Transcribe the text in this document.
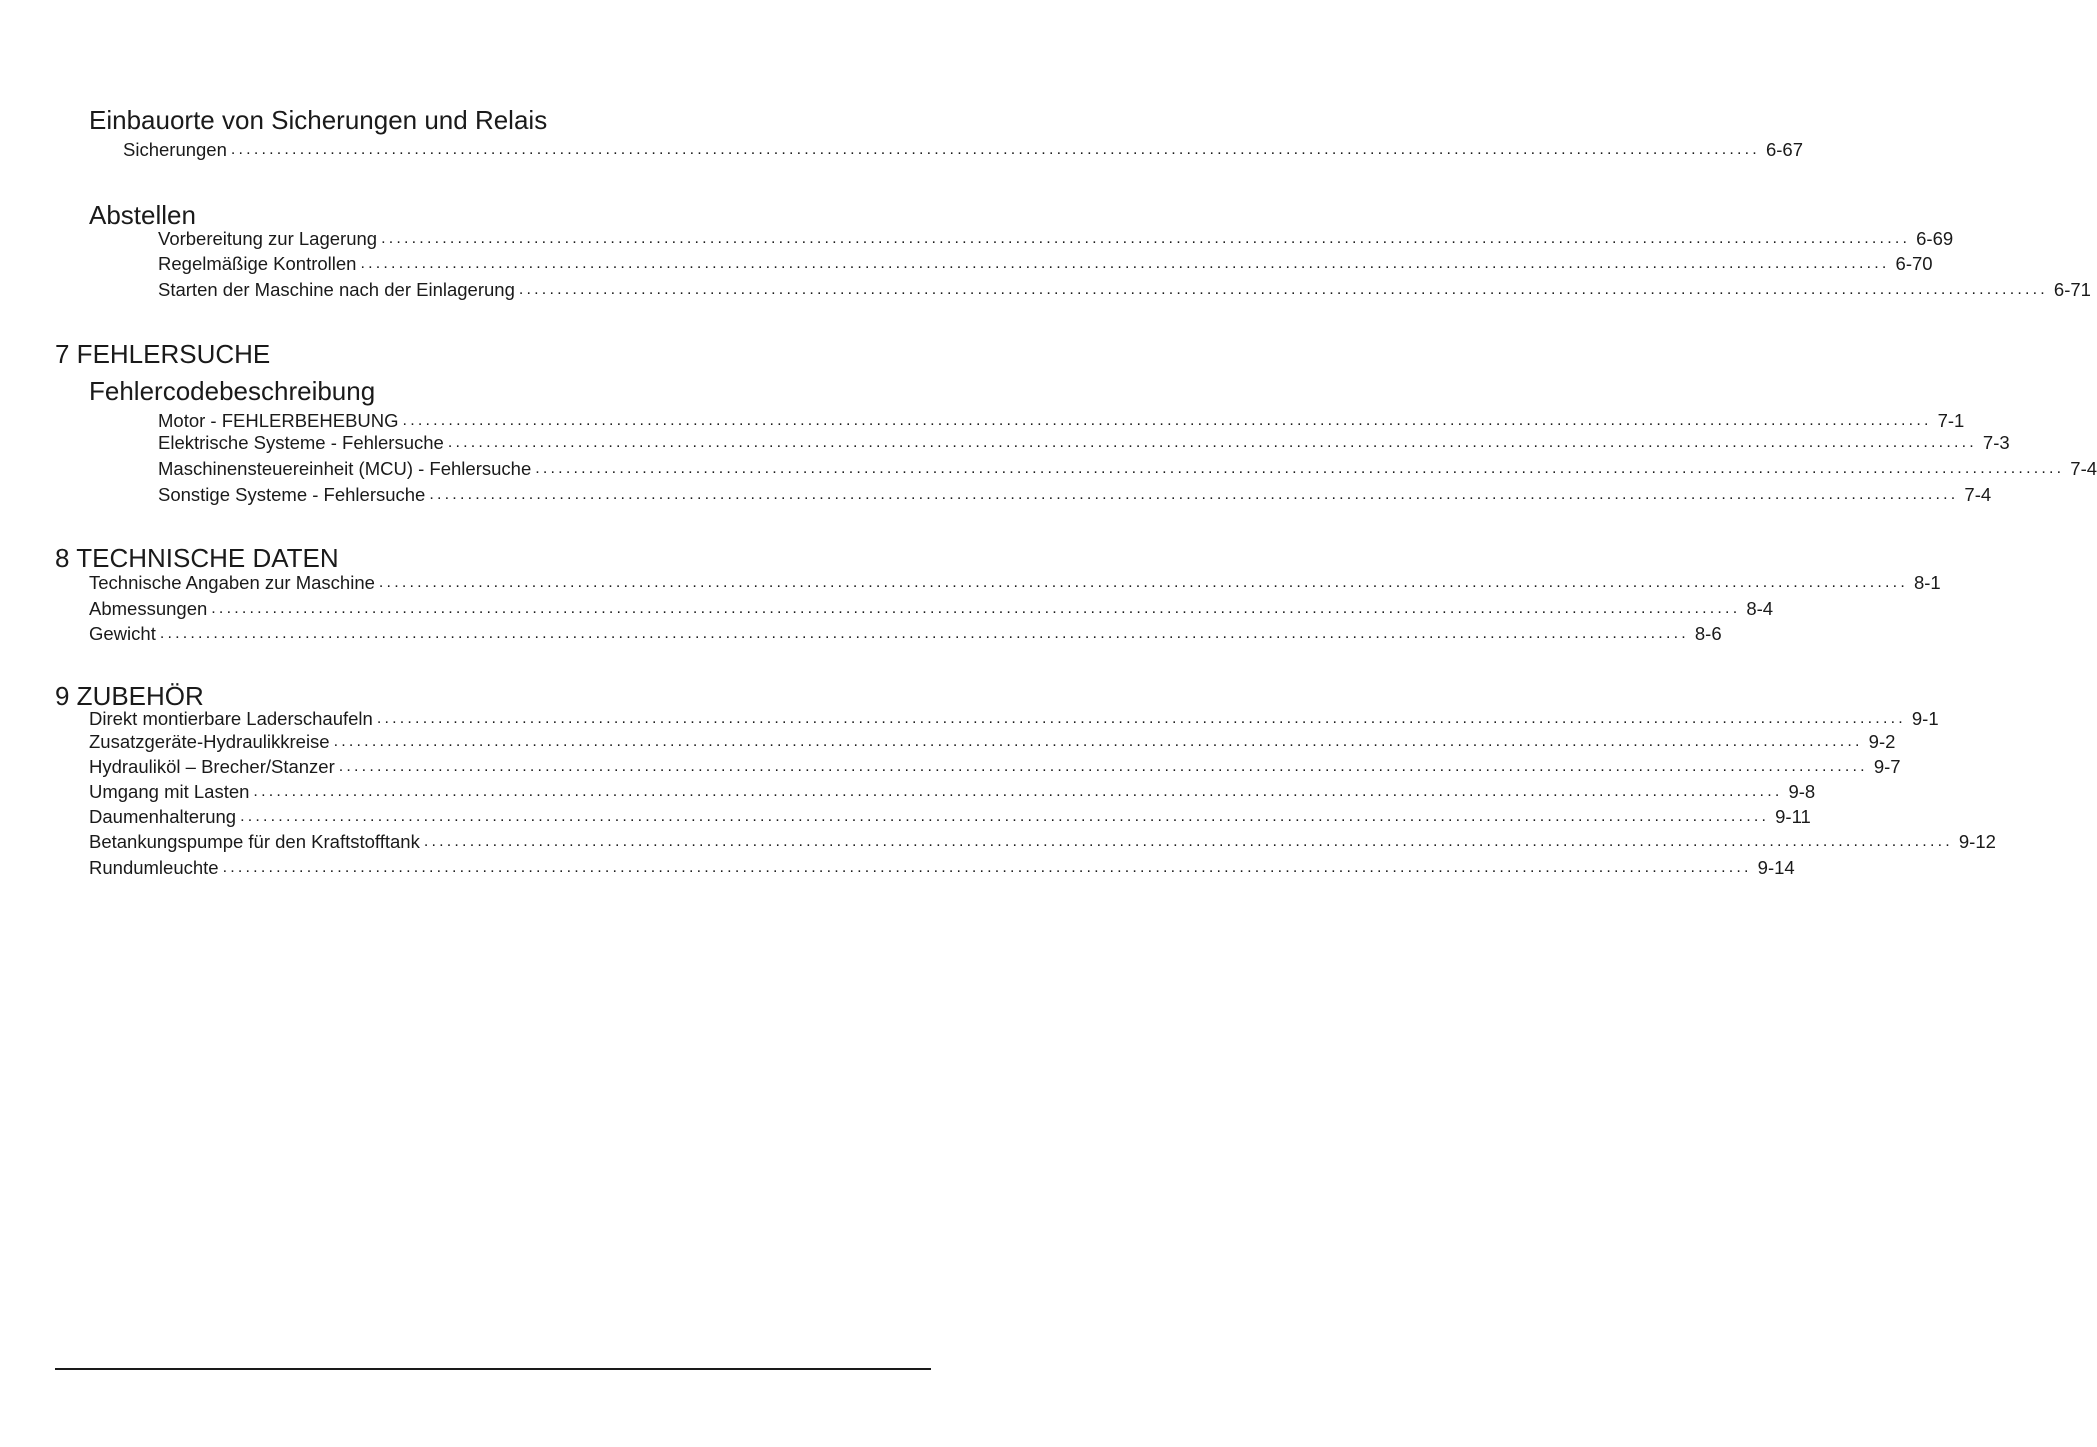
Einbauorte von Sicherungen und Relais
Sicherungen ........................................................................................................................................................................................................ 6-67
Abstellen
Vorbereitung zur Lagerung ........................................................................................................................................................................................................ 6-69
Regelmäßige Kontrollen ........................................................................................................................................................................................................ 6-70
Starten der Maschine nach der Einlagerung ........................................................................................................................................................................................................ 6-71
7 FEHLERSUCHE
Fehlercodebeschreibung
Motor - FEHLERBEHEBUNG ........................................................................................................................................................................................................ 7-1
Elektrische Systeme - Fehlersuche ........................................................................................................................................................................................................ 7-3
Maschinensteuereinheit (MCU) - Fehlersuche ........................................................................................................................................................................................................ 7-4
Sonstige Systeme - Fehlersuche ........................................................................................................................................................................................................ 7-4
8 TECHNISCHE DATEN
Technische Angaben zur Maschine ........................................................................................................................................................................................................ 8-1
Abmessungen ........................................................................................................................................................................................................ 8-4
Gewicht ........................................................................................................................................................................................................ 8-6
9 ZUBEHÖR
Direkt montierbare Laderschaufeln ........................................................................................................................................................................................................ 9-1
Zusatzgeräte-Hydraulikkreise ........................................................................................................................................................................................................ 9-2
Hydrauliköl – Brecher/Stanzer ........................................................................................................................................................................................................ 9-7
Umgang mit Lasten ........................................................................................................................................................................................................ 9-8
Daumenhalterung ........................................................................................................................................................................................................ 9-11
Betankungspumpe für den Kraftstofftank ........................................................................................................................................................................................................ 9-12
Rundumleuchte ........................................................................................................................................................................................................ 9-14
